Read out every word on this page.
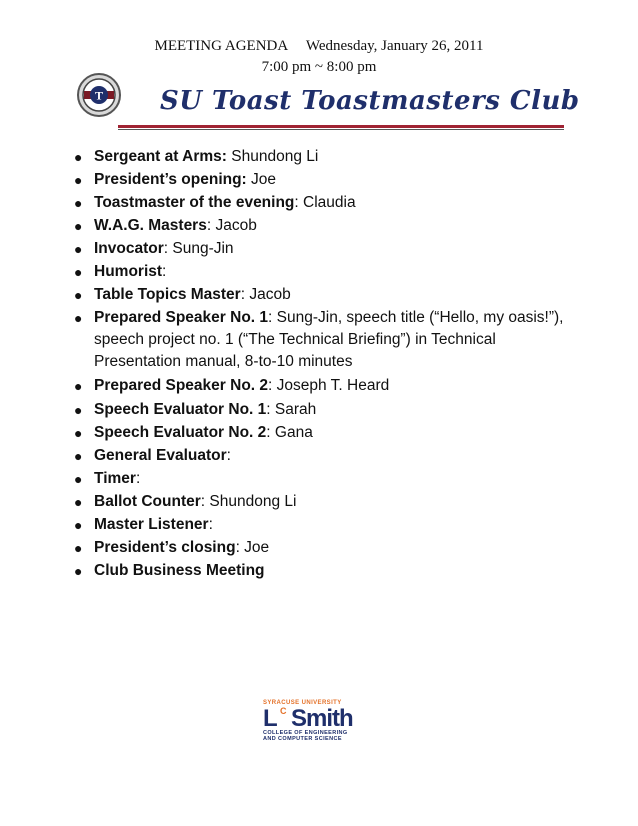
MEETING AGENDA     Wednesday, January 26, 2011
7:00 pm ~ 8:00 pm
T SU Toast Toastmasters Club
● Sergeant at Arms: Shundong Li
● President’s opening: Joe
● Toastmaster of the evening: Claudia
● W.A.G. Masters: Jacob
● Invocator: Sung-Jin
● Humorist:
● Table Topics Master: Jacob
● Prepared Speaker No. 1: Sung-Jin, speech title (“Hello, my oasis!”), speech project no. 1 (“The Technical Briefing”) in Technical Presentation manual, 8-to-10 minutes
● Prepared Speaker No. 2: Joseph T. Heard
● Speech Evaluator No. 1: Sarah
● Speech Evaluator No. 2: Gana
● General Evaluator:
● Timer:
● Ballot Counter: Shundong Li
● Master Listener:
● President’s closing: Joe
● Club Business Meeting
SYRACUSE UNIVERSITY
L C Smith
COLLEGE OF ENGINEERING
AND COMPUTER SCIENCE
